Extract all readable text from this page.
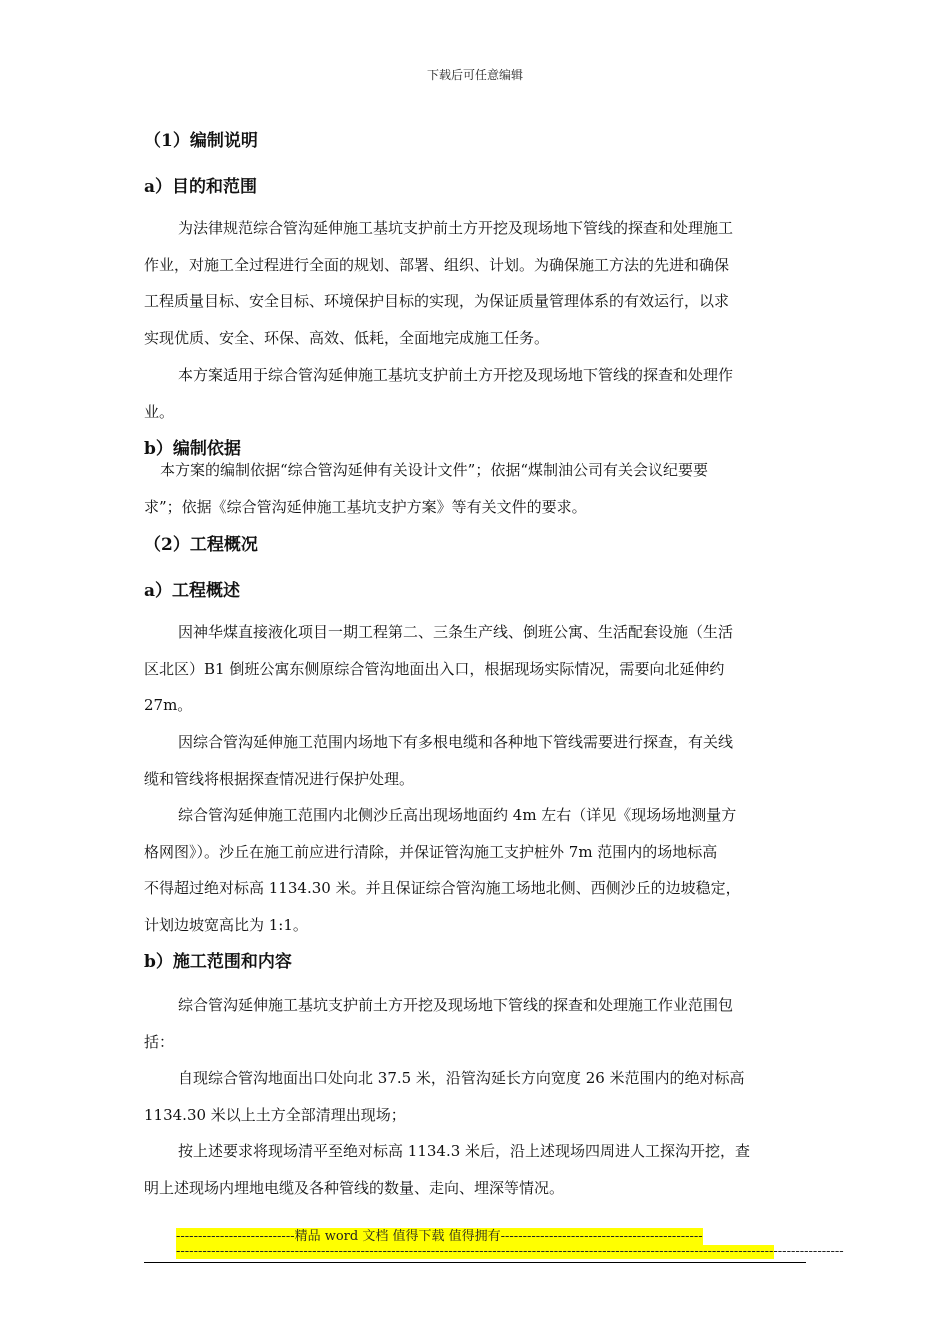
下载后可任意编辑
（1）编制说明
a）目的和范围
为法律规范综合管沟延伸施工基坑支护前土方开挖及现场地下管线的探查和处理施工
作业，对施工全过程进行全面的规划、部署、组织、计划。为确保施工方法的先进和确保
工程质量目标、安全目标、环境保护目标的实现，为保证质量管理体系的有效运行，以求
实现优质、安全、环保、高效、低耗，全面地完成施工任务。
本方案适用于综合管沟延伸施工基坑支护前土方开挖及现场地下管线的探查和处理作
业。
b）编制依据
本方案的编制依据“综合管沟延伸有关设计文件”；依据“煤制油公司有关会议纪要要
求”；依据《综合管沟延伸施工基坑支护方案》等有关文件的要求。
（2）工程概况
a）工程概述
因神华煤直接液化项目一期工程第二、三条生产线、倒班公寓、生活配套设施（生活
区北区）B1 倒班公寓东侧原综合管沟地面出入口，根据现场实际情况，需要向北延伸约
27m。
因综合管沟延伸施工范围内场地下有多根电缆和各种地下管线需要进行探查，有关线
缆和管线将根据探查情况进行保护处理。
综合管沟延伸施工范围内北侧沙丘高出现场地面约 4m 左右（详见《现场场地测量方
格网图》）。沙丘在施工前应进行清除，并保证管沟施工支护桩外 7m 范围内的场地标高
不得超过绝对标高 1134.30 米。并且保证综合管沟施工场地北侧、西侧沙丘的边坡稳定，
计划边坡宽高比为 1:1。
b）施工范围和内容
综合管沟延伸施工基坑支护前土方开挖及现场地下管线的探查和处理施工作业范围包
括：
自现综合管沟地面出口处向北 37.5 米，沿管沟延长方向宽度 26 米范围内的绝对标高
1134.30 米以上土方全部清理出现场；
按上述要求将现场清平至绝对标高 1134.3 米后，沿上述现场四周进人工探沟开挖，查
明上述现场内埋地电缆及各种管线的数量、走向、埋深等情况。
---------------------------精品 word 文档 值得下载 值得拥有----------------------------------------------
--------------------------------------------------------------------------------------------------------------------------------------------------------
